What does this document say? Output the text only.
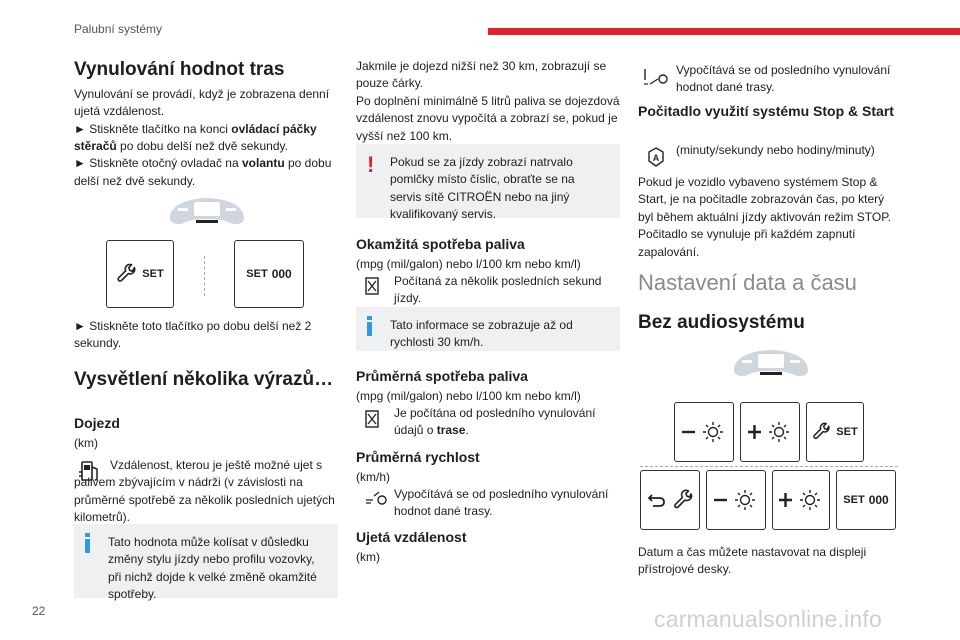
Palubní systémy
Vynulování hodnot tras

Vynulování se provádí, když je zobrazena denní ujetá vzdálenost.

► Stiskněte tlačítko na konci ovládací páčky stěračů po dobu delší než dvě sekundy.

► Stiskněte otočný ovladač na volantu po dobu delší než dvě sekundy.

SET	SET 000

► Stiskněte toto tlačítko po dobu delší než 2 sekundy.

Vysvětlení několika výrazů…
Dojezd

(km)

Vzdálenost, kterou je ještě možné ujet s palivem zbývajícím v nádrži (v závislosti na průměrné spotřebě za několik posledních ujetých kilometrů).

Tato hodnota může kolísat v důsledku změny stylu jízdy nebo profilu vozovky, při nichž dojde k velké změně okamžité spotřeby.

Jakmile je dojezd nižší než 30 km, zobrazují se pouze čárky.

Po doplnění minimálně 5 litrů paliva se dojezdová vzdálenost znovu vypočítá a zobrazí se, pokud je vyšší než 100 km.

! Pokud se za jízdy zobrazí natrvalo pomlčky místo číslic, obraťte se na servis sítě CITROËN nebo na jiný kvalifikovaný servis.
Okamžitá spotřeba paliva

(mpg (mil/galon) nebo l/100 km nebo km/l)

Počítaná za několik posledních sekund jízdy.

Tato informace se zobrazuje až od rychlosti 30 km/h.
Průměrná spotřeba paliva

(mpg (mil/galon) nebo l/100 km nebo km/l)

Je počítána od posledního vynulování údajů o trase.

Průměrná rychlost

(km/h)

Vypočítává se od posledního vynulování hodnot dané trasy.

Ujetá vzdálenost

(km)

Vypočítává se od posledního vynulování hodnot dané trasy.

Počitadlo využití systému Stop & Start
A

(minuty/sekundy nebo hodiny/minuty)

Pokud je vozidlo vybaveno systémem Stop & Start, je na počitadle zobrazován čas, po který byl během aktuální jízdy aktivován režim STOP. Počitadlo se vynuluje při každém zapnutí zapalování.

Nastavení data a času
Bez audiosystému
SET
SET 000

Datum a čas můžete nastavovat na displeji přístrojové desky.

22	carmanualsonline.info
